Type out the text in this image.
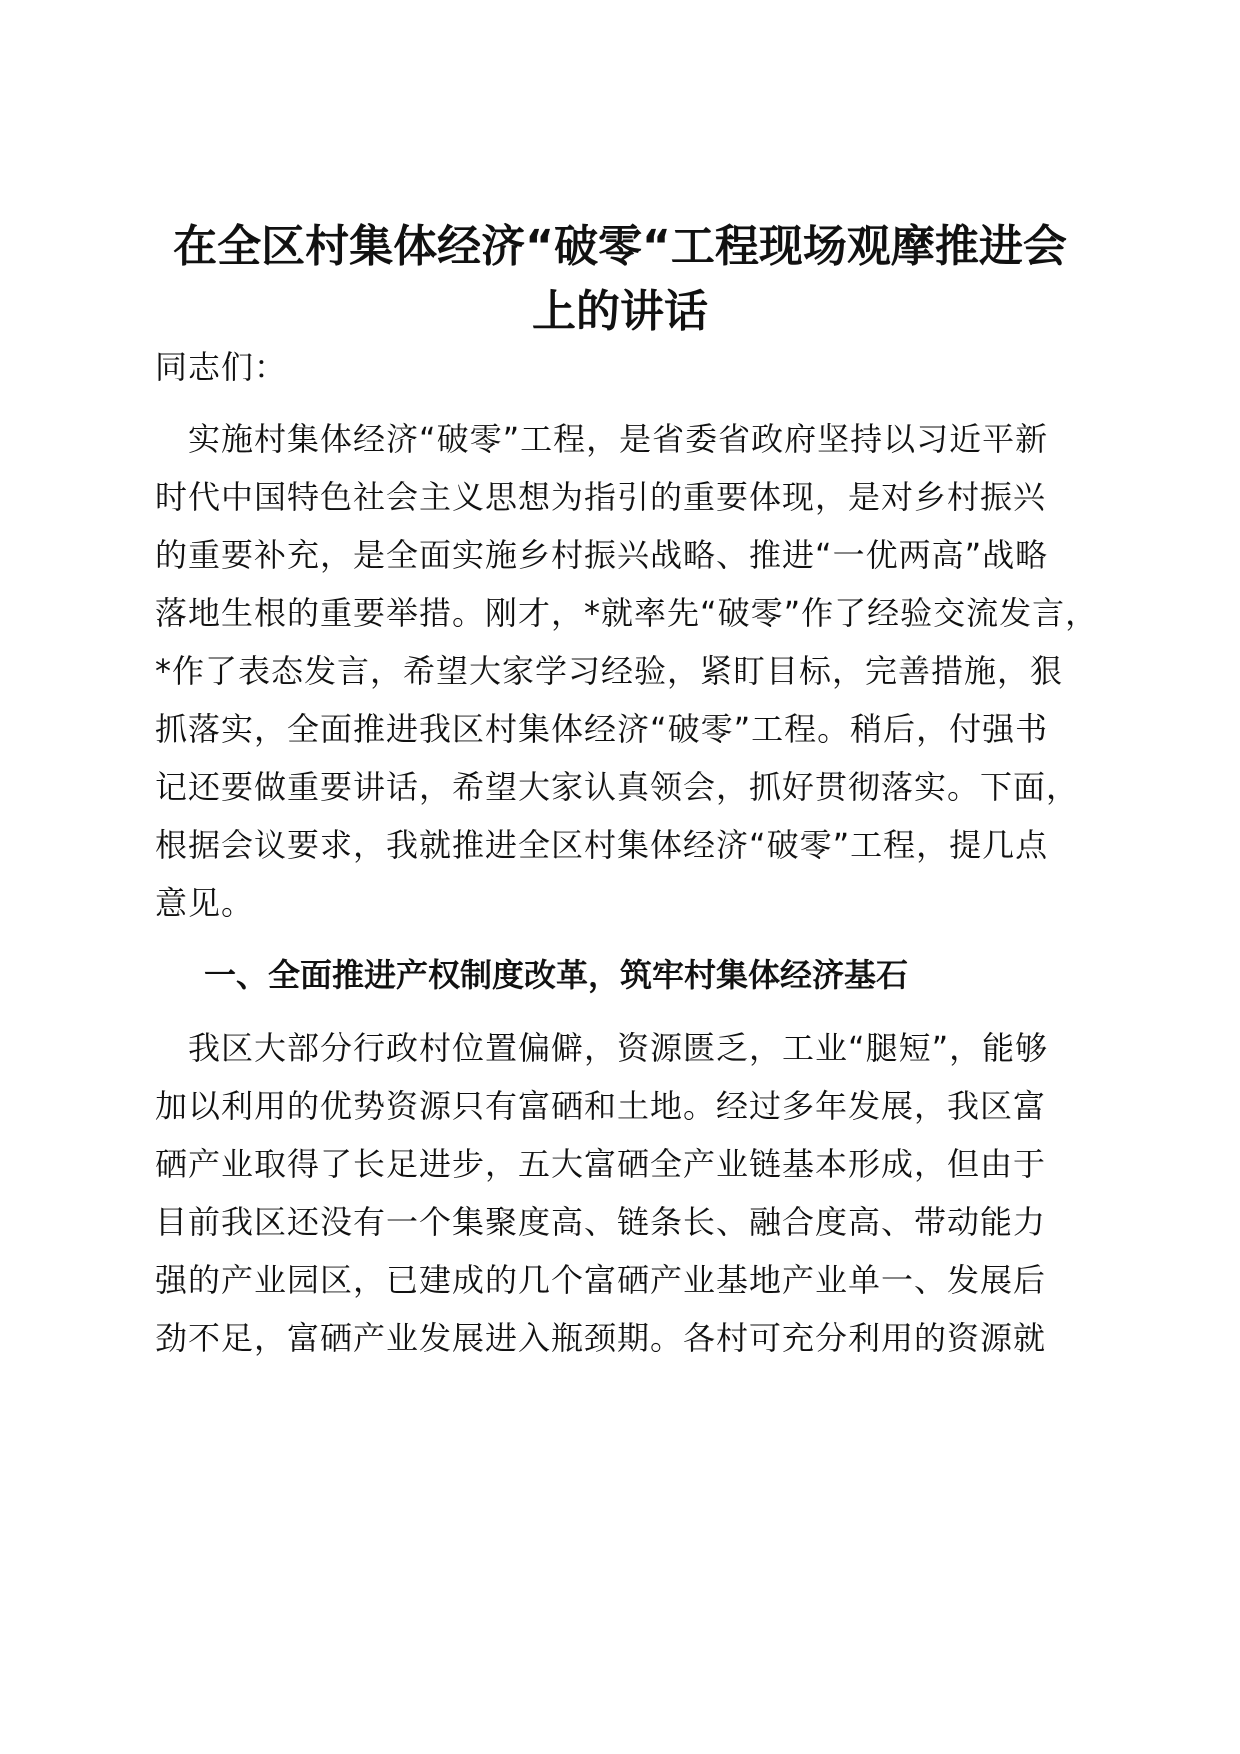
在全区村集体经济“破零“工程现场观摩推进会
上的讲话

同志们：

　实施村集体经济“破零”工程，是省委省政府坚持以习近平新

时代中国特色社会主义思想为指引的重要体现，是对乡村振兴

的重要补充，是全面实施乡村振兴战略、推进“一优两高”战略

落地生根的重要举措。刚才，*就率先“破零”作了经验交流发言，

*作了表态发言，希望大家学习经验，紧盯目标，完善措施，狠

抓落实，全面推进我区村集体经济“破零”工程。稍后，付强书

记还要做重要讲话，希望大家认真领会，抓好贯彻落实。下面，

根据会议要求，我就推进全区村集体经济“破零”工程，提几点

意见。

一、全面推进产权制度改革，筑牢村集体经济基石

　我区大部分行政村位置偏僻，资源匮乏，工业“腿短”，能够

加以利用的优势资源只有富硒和土地。经过多年发展，我区富

硒产业取得了长足进步，五大富硒全产业链基本形成，但由于

目前我区还没有一个集聚度高、链条长、融合度高、带动能力

强的产业园区，已建成的几个富硒产业基地产业单一、发展后

劲不足，富硒产业发展进入瓶颈期。各村可充分利用的资源就
